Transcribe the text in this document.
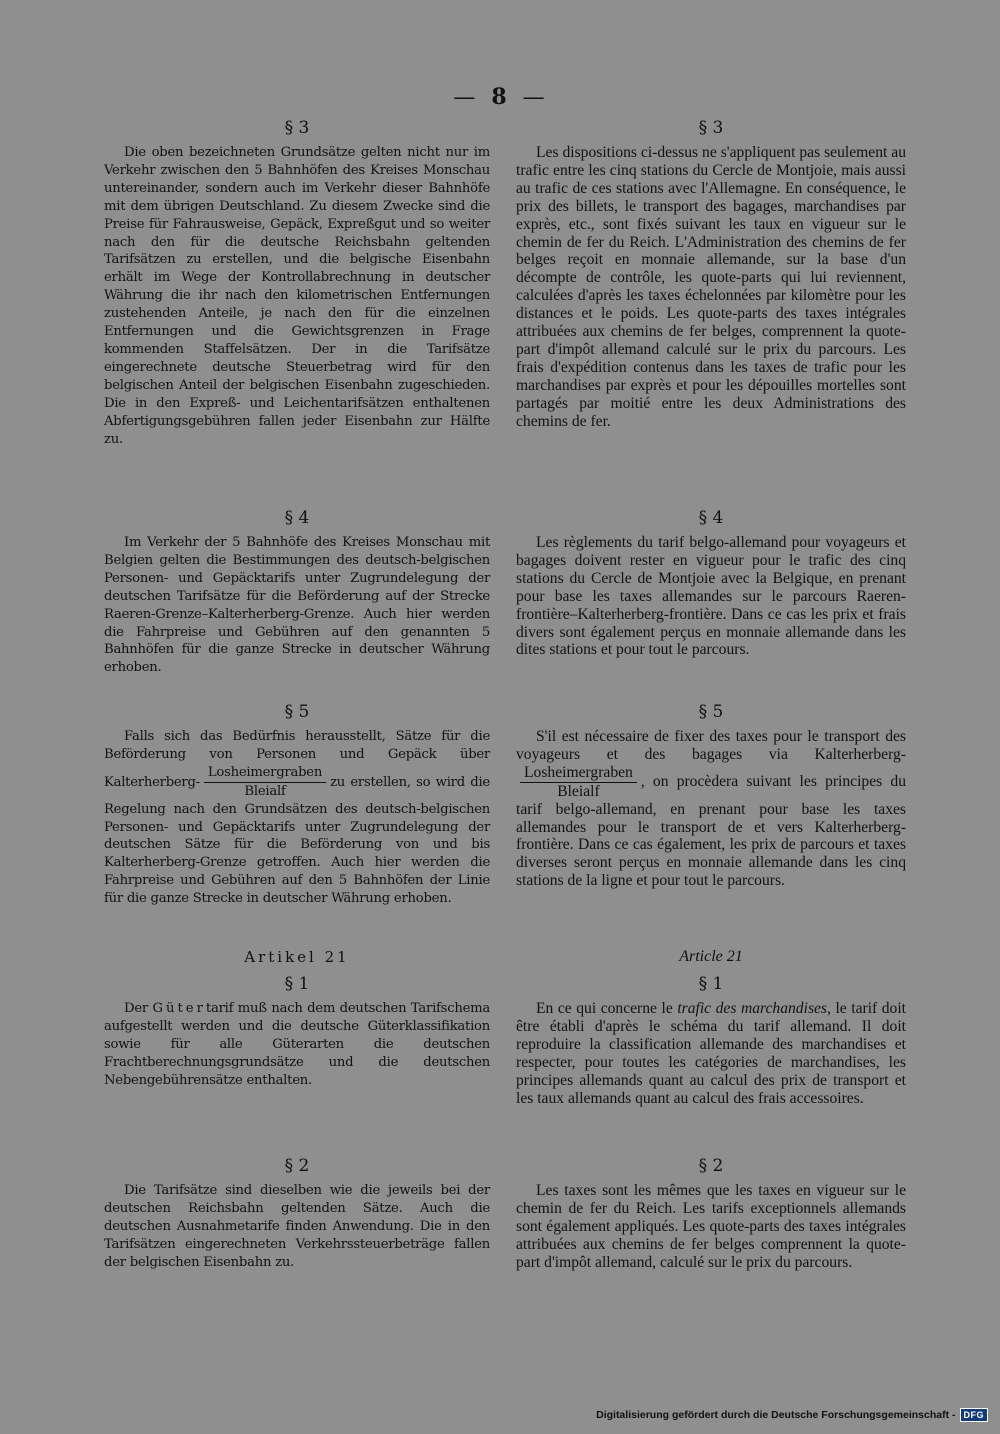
— 8 —
§ 3

Die oben bezeichneten Grundsätze gelten nicht nur im Verkehr zwischen den 5 Bahnhöfen des Kreises Monschau untereinander, sondern auch im Verkehr dieser Bahnhöfe mit dem übrigen Deutschland. Zu diesem Zwecke sind die Preise für Fahrausweise, Gepäck, Expreßgut und so weiter nach den für die deutsche Reichsbahn geltenden Tarifsätzen zu erstellen, und die belgische Eisenbahn erhält im Wege der Kontrollabrechnung in deutscher Währung die ihr nach den kilometrischen Entfernungen zustehenden Anteile, je nach den für die einzelnen Entfernungen und die Gewichtsgrenzen in Frage kommenden Staffelsätzen. Der in die Tarifsätze eingerechnete deutsche Steuerbetrag wird für den belgischen Anteil der belgischen Eisenbahn zugeschieden. Die in den Expreß- und Leichentarifsätzen enthaltenen Abfertigungsgebühren fallen jeder Eisenbahn zur Hälfte zu.

§ 4

Im Verkehr der 5 Bahnhöfe des Kreises Monschau mit Belgien gelten die Bestimmungen des deutsch-belgischen Personen- und Gepäcktarifs unter Zugrundelegung der deutschen Tarifsätze für die Beförderung auf der Strecke Raeren-Grenze–Kalterherberg-Grenze. Auch hier werden die Fahrpreise und Gebühren auf den genannten 5 Bahnhöfen für die ganze Strecke in deutscher Währung erhoben.

§ 5

Falls sich das Bedürfnis herausstellt, Sätze für die Beförderung von Personen und Gepäck über Kalterherberg- $\frac{\text{Losheimergraben}}{\text{Bleialf}}$ zu erstellen, so wird die Regelung nach den Grundsätzen des deutsch-belgischen Personen- und Gepäcktarifs unter Zugrundelegung der deutschen Sätze für die Beförderung von und bis Kalterherberg-Grenze getroffen. Auch hier werden die Fahrpreise und Gebühren auf den 5 Bahnhöfen der Linie für die ganze Strecke in deutscher Währung erhoben.

Artikel 21
§ 1

Der Gütertarif muß nach dem deutschen Tarifschema aufgestellt werden und die deutsche Güterklassifikation sowie für alle Güterarten die deutschen Frachtberechnungsgrundsätze und die deutschen Nebengebührensätze enthalten.

§ 2

Die Tarifsätze sind dieselben wie die jeweils bei der deutschen Reichsbahn geltenden Sätze. Auch die deutschen Ausnahmetarife finden Anwendung. Die in den Tarifsätzen eingerechneten Verkehrssteuerbeträge fallen der belgischen Eisenbahn zu.

§ 3

Les dispositions ci-dessus ne s'appliquent pas seulement au trafic entre les cinq stations du Cercle de Montjoie, mais aussi au trafic de ces stations avec l'Allemagne. En conséquence, le prix des billets, le transport des bagages, marchandises par exprès, etc., sont fixés suivant les taux en vigueur sur le chemin de fer du Reich. L'Administration des chemins de fer belges reçoit en monnaie allemande, sur la base d'un décompte de contrôle, les quote-parts qui lui reviennent, calculées d'après les taxes échelonnées par kilomètre pour les distances et le poids. Les quote-parts des taxes intégrales attribuées aux chemins de fer belges, comprennent la quote-part d'impôt allemand calculé sur le prix du parcours. Les frais d'expédition contenus dans les taxes de trafic pour les marchandises par exprès et pour les dépouilles mortelles sont partagés par moitié entre les deux Administrations des chemins de fer.

§ 4

Les règlements du tarif belgo-allemand pour voyageurs et bagages doivent rester en vigueur pour le trafic des cinq stations du Cercle de Montjoie avec la Belgique, en prenant pour base les taxes allemandes sur le parcours Raeren-frontière–Kalterherberg-frontière. Dans ce cas les prix et frais divers sont également perçus en monnaie allemande dans les dites stations et pour tout le parcours.

§ 5

S'il est nécessaire de fixer des taxes pour le transport des voyageurs et des bagages via Kalterherberg-
$\frac{\text{Losheimergraben}}{\text{Bleialf}}$ , on procèdera suivant les principes du tarif belgo-allemand, en prenant pour base les taxes allemandes pour le transport de et vers Kalterherberg-frontière. Dans ce cas également, les prix de parcours et taxes diverses seront perçus en monnaie allemande dans les cinq stations de la ligne et pour tout le parcours.

Article 21
§ 1

En ce qui concerne le trafic des marchandises, le tarif doit être établi d'après le schéma du tarif allemand. Il doit reproduire la classification allemande des marchandises et respecter, pour toutes les catégories de marchandises, les principes allemands quant au calcul des prix de transport et les taux allemands quant au calcul des frais accessoires.

§ 2

Les taxes sont les mêmes que les taxes en vigueur sur le chemin de fer du Reich. Les tarifs exceptionnels allemands sont également appliqués. Les quote-parts des taxes intégrales attribuées aux chemins de fer belges comprennent la quote-part d'impôt allemand, calculé sur le prix du parcours.

Digitalisierung gefördert durch die Deutsche Forschungsgemeinschaft - DFG
